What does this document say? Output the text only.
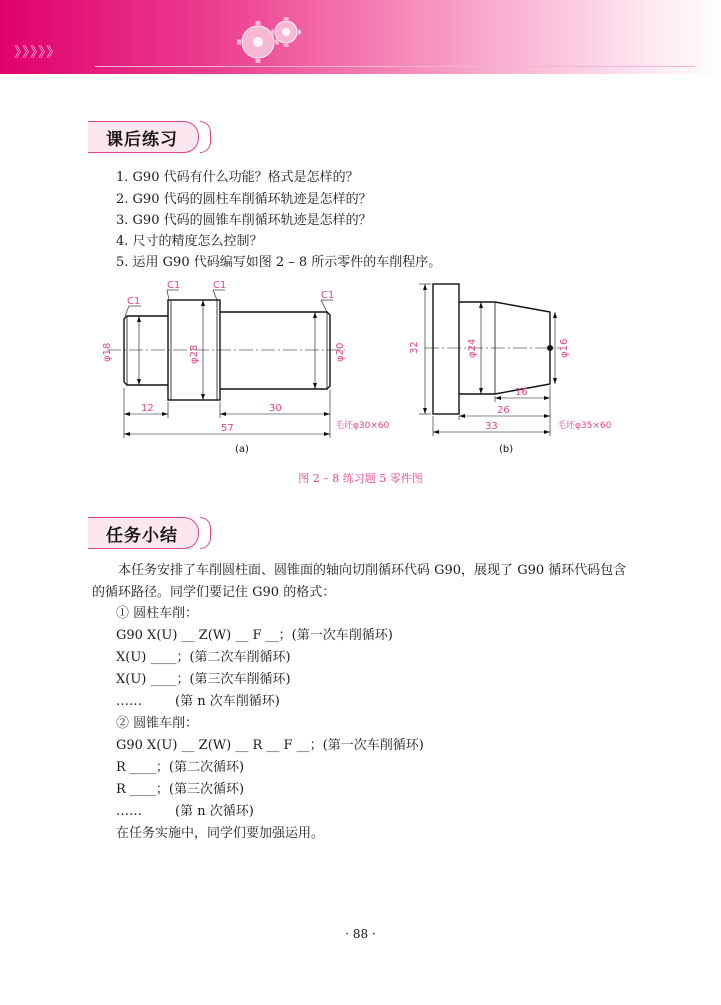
》》》》》
课后练习
1. G90 代码有什么功能？格式是怎样的？
2. G90 代码的圆柱车削循环轨迹是怎样的？
3. G90 代码的圆锥车削循环轨迹是怎样的？
4. 尺寸的精度怎么控制？
5. 运用 G90 代码编写如图 2 – 8 所示零件的车削程序。
C1
C1	C1
C1
φ18	φ28	φ20
12	30
57	毛坯φ30×60
(a)
32	φ24	φ16
16
26
33	毛坯φ35×60
(b)
图 2 – 8 练习题 5 零件图
任务小结
本任务安排了车削圆柱面、圆锥面的轴向切削循环代码 G90，展现了 G90 循环代码包含的循环路径。同学们要记住 G90 的格式：
① 圆柱车削：
G90 X(U) __ Z(W) __ F __；(第一次车削循环)
X(U) ____；(第二次车削循环)
X(U) ____；(第三次车削循环)
……        (第 n 次车削循环)
② 圆锥车削：
G90 X(U) __ Z(W) __ R __ F __；(第一次车削循环)
R ____；(第二次循环)
R ____；(第三次循环)
……        (第 n 次循环)
在任务实施中，同学们要加强运用。
· 88 ·
